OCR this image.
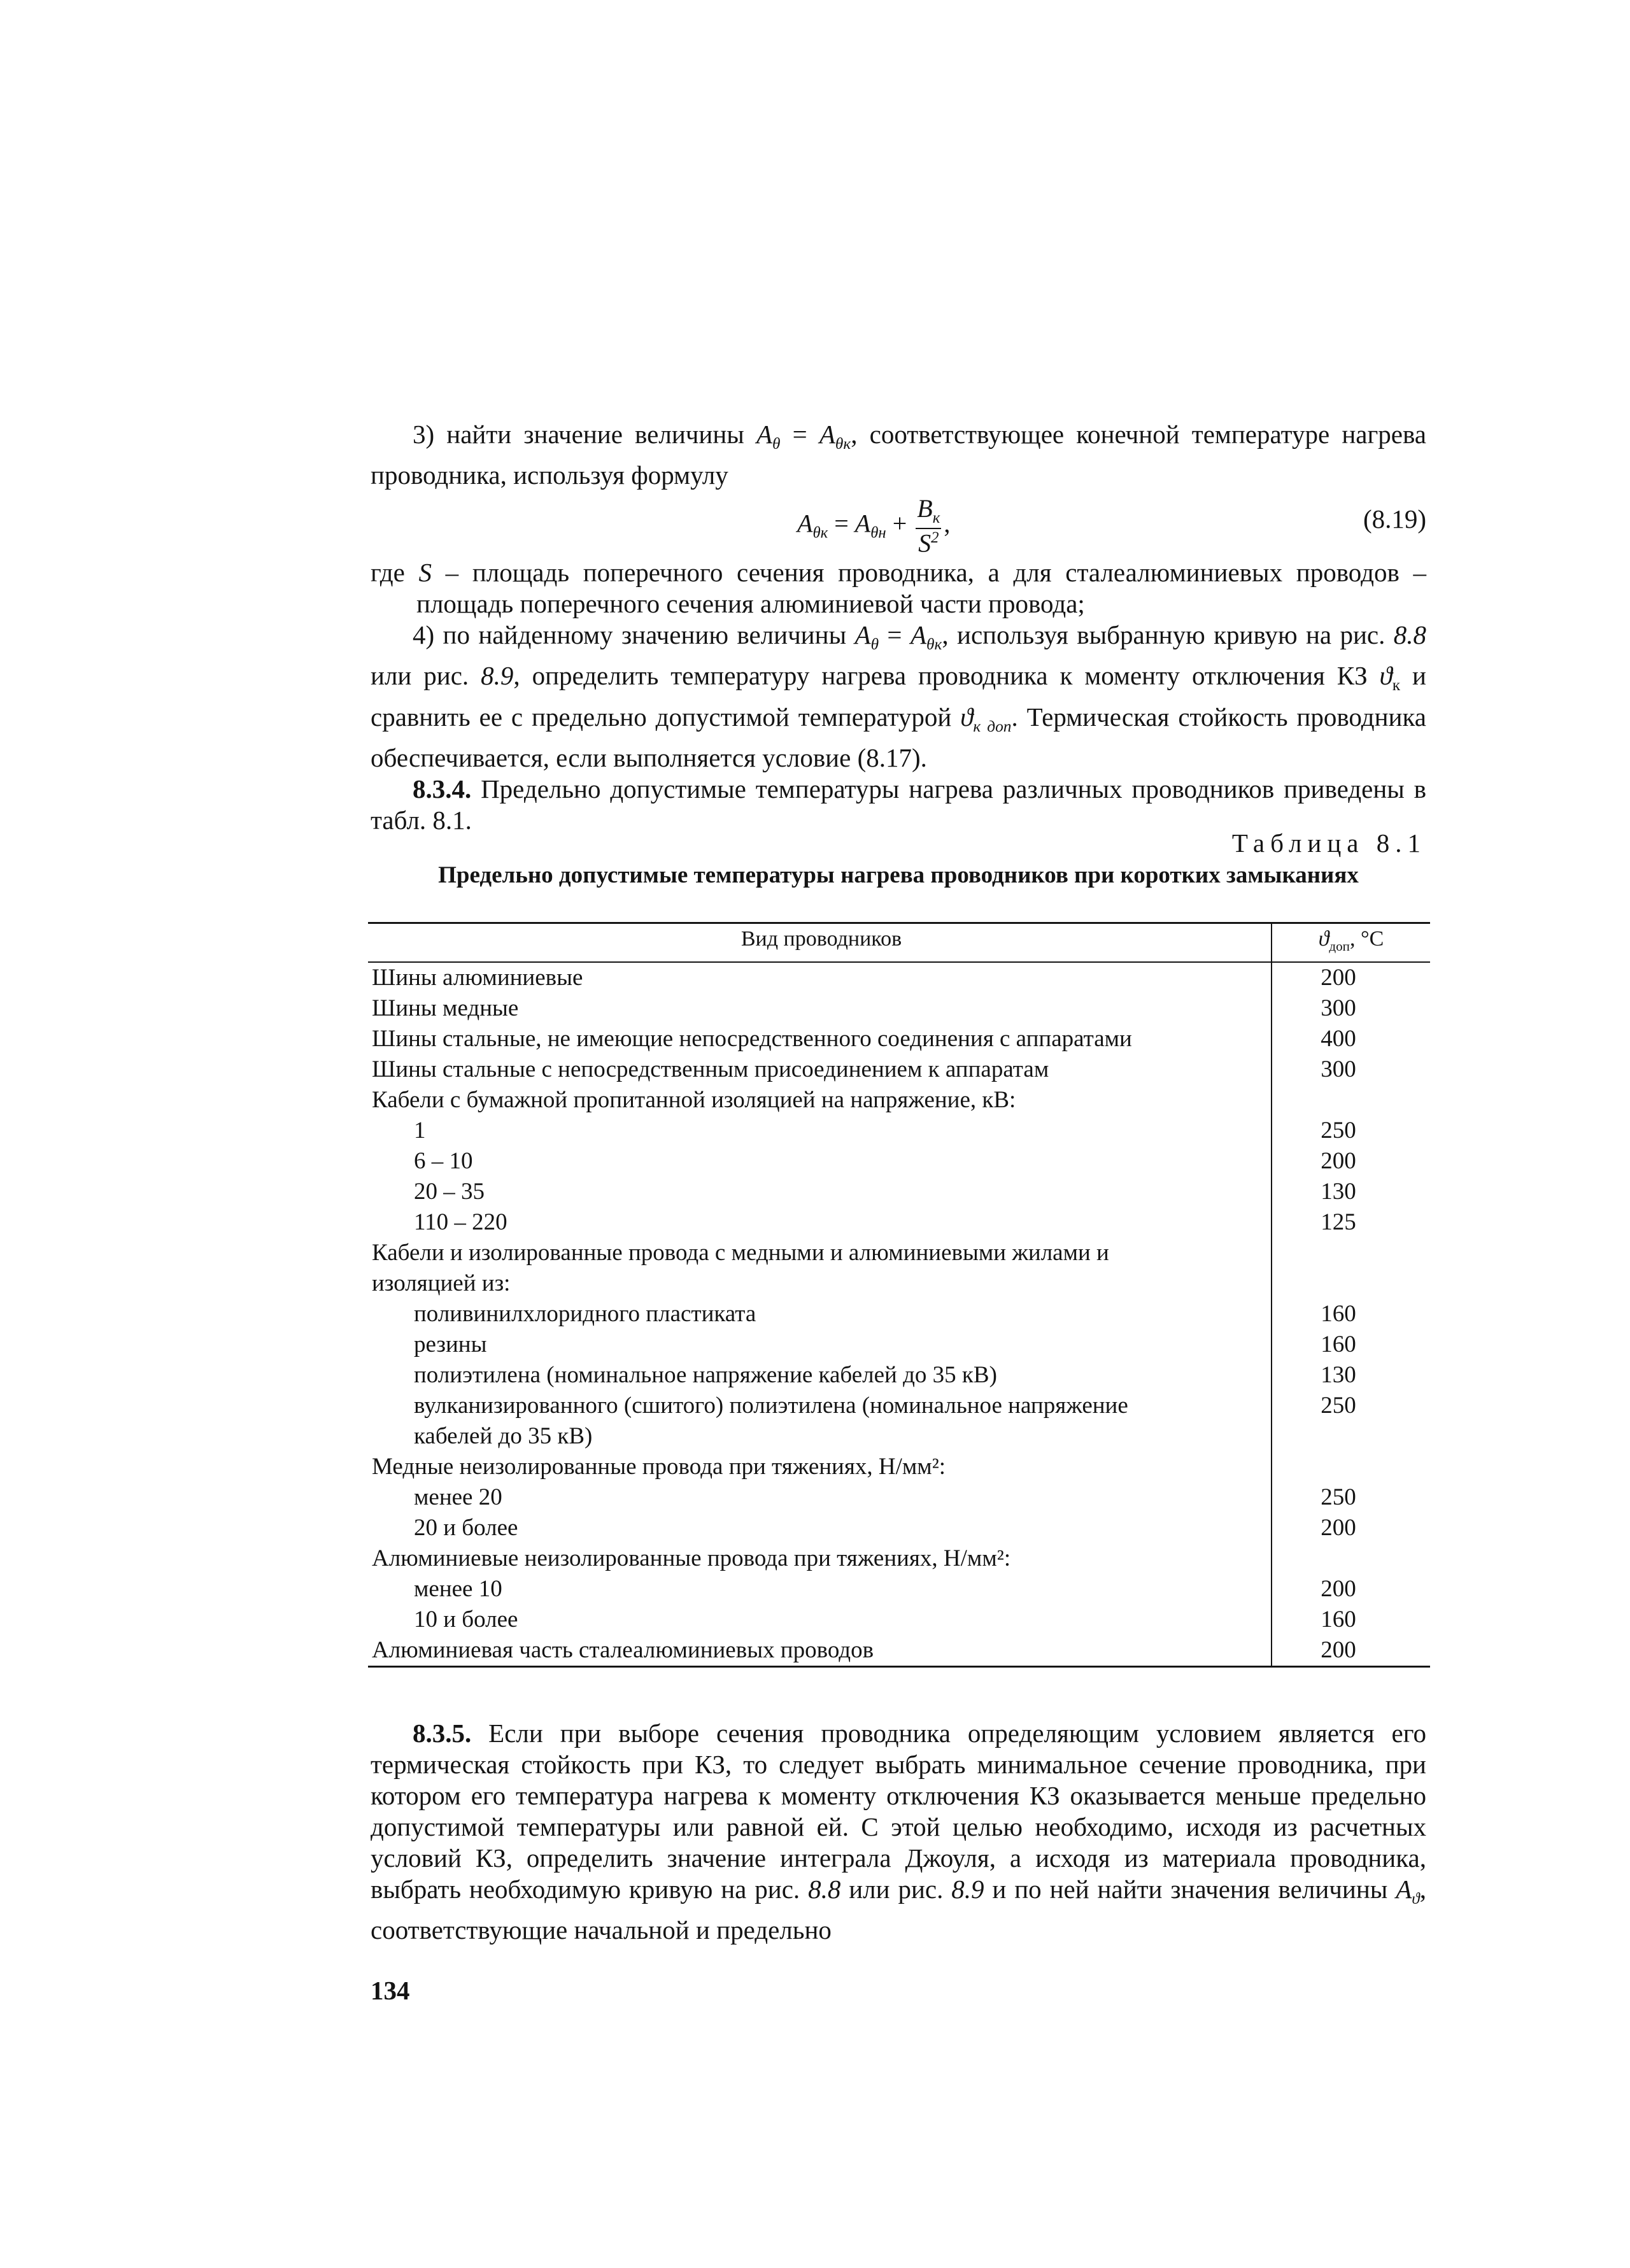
3) найти значение величины $A_\theta = A_{\theta к}$, соответствующее конечной температуре нагрева проводника, используя формулу

$A_{\theta к} = A_{\theta н} + \frac{B_к}{S^2}$ ,	(8.19)

где S – площадь поперечного сечения проводника, а для сталеалюминиевых проводов – площадь поперечного сечения алюминиевой части провода;

4) по найденному значению величины $A_\theta = A_{\theta к}$, используя выбранную кривую на рис. 8.8 или рис. 8.9, определить температуру нагрева проводника к моменту отключения КЗ $ϑ_к$ и сравнить ее с предельно допустимой температурой $ϑ_{к доп}$. Термическая стойкость проводника обеспечивается, если выполняется условие (8.17).

8.3.4. Предельно допустимые температуры нагрева различных проводников приведены в табл. 8.1.

Таблица 8.1
Предельно допустимые температуры нагрева проводников при коротких замыканиях
Вид проводников	$ϑ_{доп}$, °С
Шины алюминиевые	200
Шины медные	300
Шины стальные, не имеющие непосредственного соединения с аппаратами	400
Шины стальные с непосредственным присоединением к аппаратам	300
Кабели с бумажной пропитанной изоляцией на напряжение, кВ:
1	250
6 – 10	200
20 – 35	130
110 – 220	125
Кабели и изолированные провода с медными и алюминиевыми жилами и
изоляцией из:
поливинилхлоридного пластиката	160
резины	160
полиэтилена (номинальное напряжение кабелей до 35 кВ)	130
вулканизированного (сшитого) полиэтилена (номинальное напряжение	250
кабелей до 35 кВ)
Медные неизолированные провода при тяжениях, Н/мм²:
менее 20	250
20 и более	200
Алюминиевые неизолированные провода при тяжениях, Н/мм²:
менее 10	200
10 и более	160
Алюминиевая часть сталеалюминиевых проводов	200

8.3.5. Если при выборе сечения проводника определяющим условием является его термическая стойкость при КЗ, то следует выбрать минимальное сечение проводника, при котором его температура нагрева к моменту отключения КЗ оказывается меньше предельно допустимой температуры или равной ей. С этой целью необходимо, исходя из расчетных условий КЗ, определить значение интеграла Джоуля, а исходя из материала проводника, выбрать необходимую кривую на рис. 8.8 или рис. 8.9 и по ней найти значения величины $A_ϑ$, соответствующие начальной и предельно

134
